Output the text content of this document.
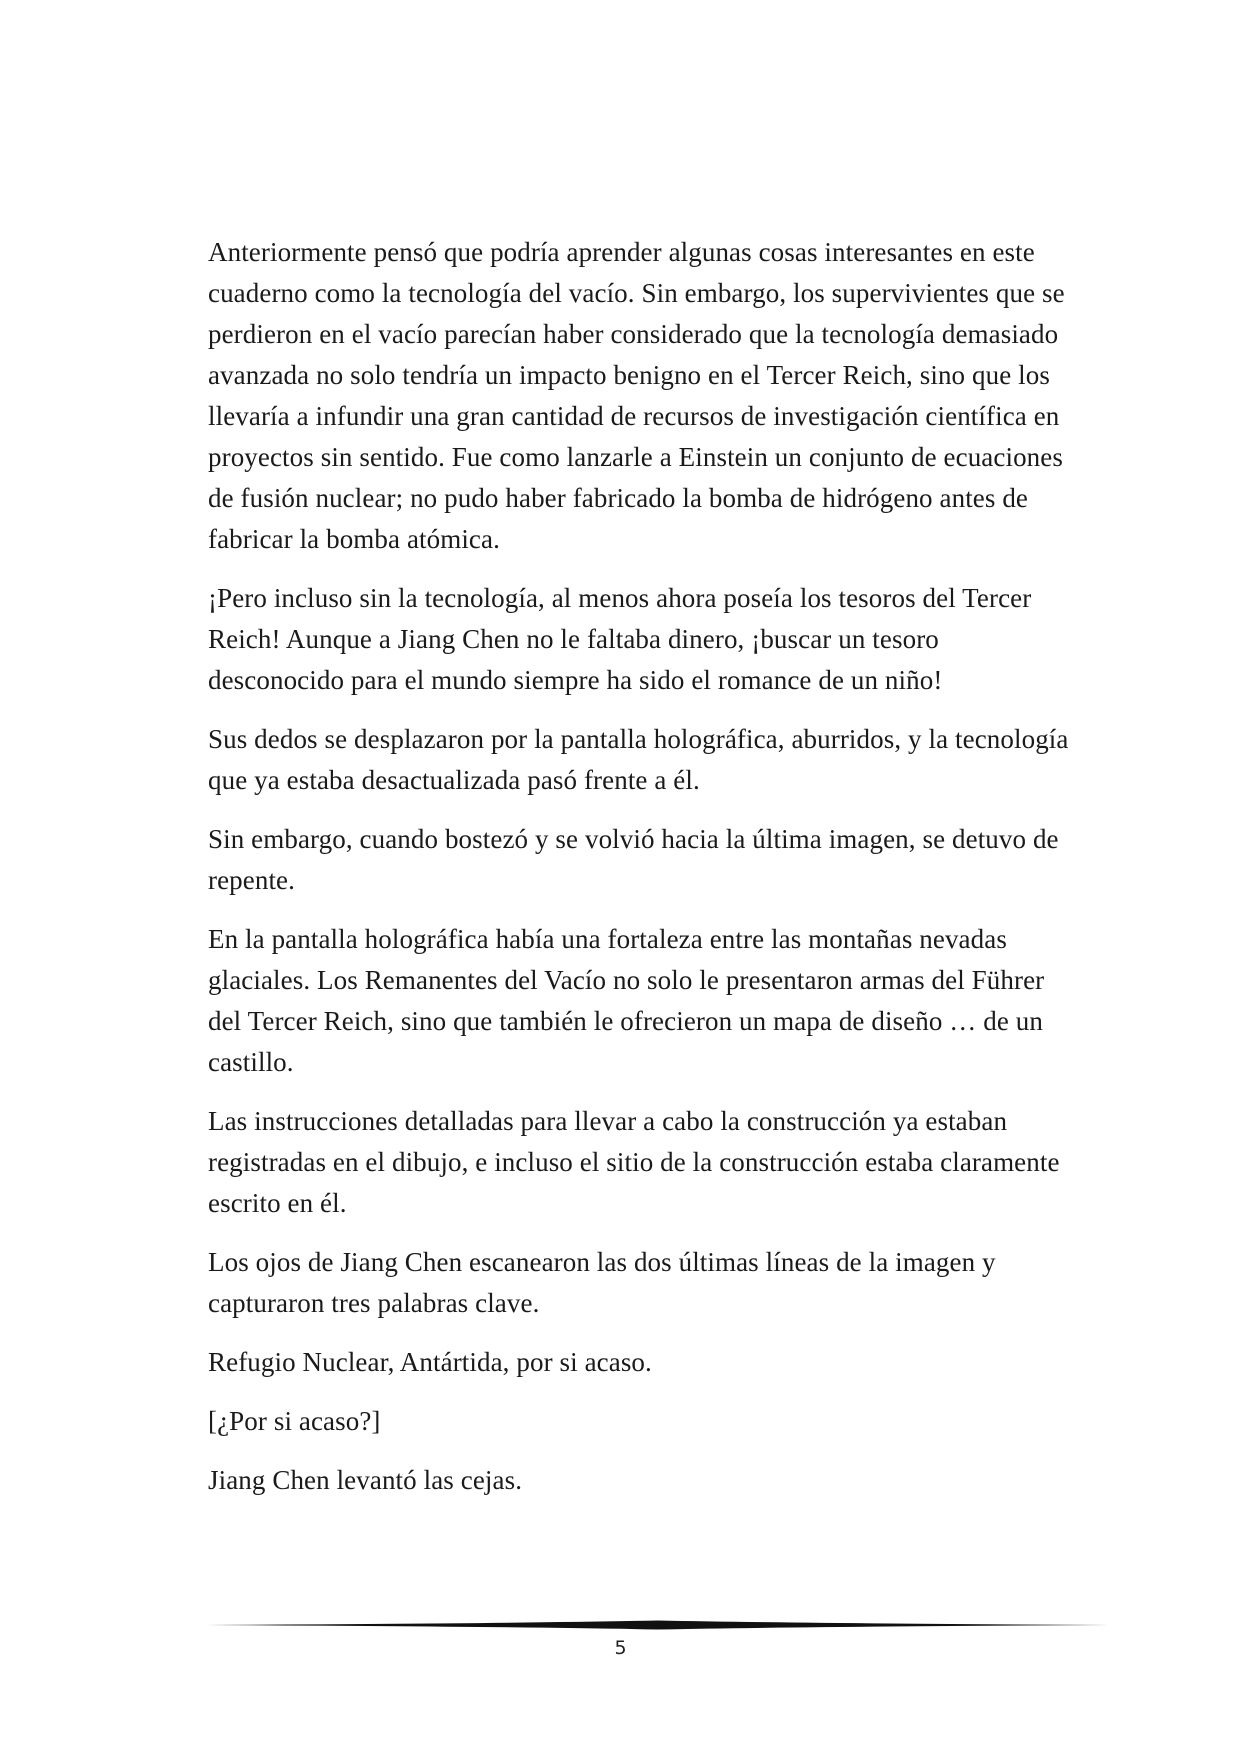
Anteriormente pensó que podría aprender algunas cosas interesantes en este cuaderno como la tecnología del vacío. Sin embargo, los supervivientes que se perdieron en el vacío parecían haber considerado que la tecnología demasiado avanzada no solo tendría un impacto benigno en el Tercer Reich, sino que los llevaría a infundir una gran cantidad de recursos de investigación científica en proyectos sin sentido. Fue como lanzarle a Einstein un conjunto de ecuaciones de fusión nuclear; no pudo haber fabricado la bomba de hidrógeno antes de fabricar la bomba atómica.

¡Pero incluso sin la tecnología, al menos ahora poseía los tesoros del Tercer Reich! Aunque a Jiang Chen no le faltaba dinero, ¡buscar un tesoro desconocido para el mundo siempre ha sido el romance de un niño!

Sus dedos se desplazaron por la pantalla holográfica, aburridos, y la tecnología que ya estaba desactualizada pasó frente a él.

Sin embargo, cuando bostezó y se volvió hacia la última imagen, se detuvo de repente.

En la pantalla holográfica había una fortaleza entre las montañas nevadas glaciales. Los Remanentes del Vacío no solo le presentaron armas del Führer del Tercer Reich, sino que también le ofrecieron un mapa de diseño … de un castillo.

Las instrucciones detalladas para llevar a cabo la construcción ya estaban registradas en el dibujo, e incluso el sitio de la construcción estaba claramente escrito en él.

Los ojos de Jiang Chen escanearon las dos últimas líneas de la imagen y capturaron tres palabras clave.

Refugio Nuclear, Antártida, por si acaso.

[¿Por si acaso?]

Jiang Chen levantó las cejas.

5
